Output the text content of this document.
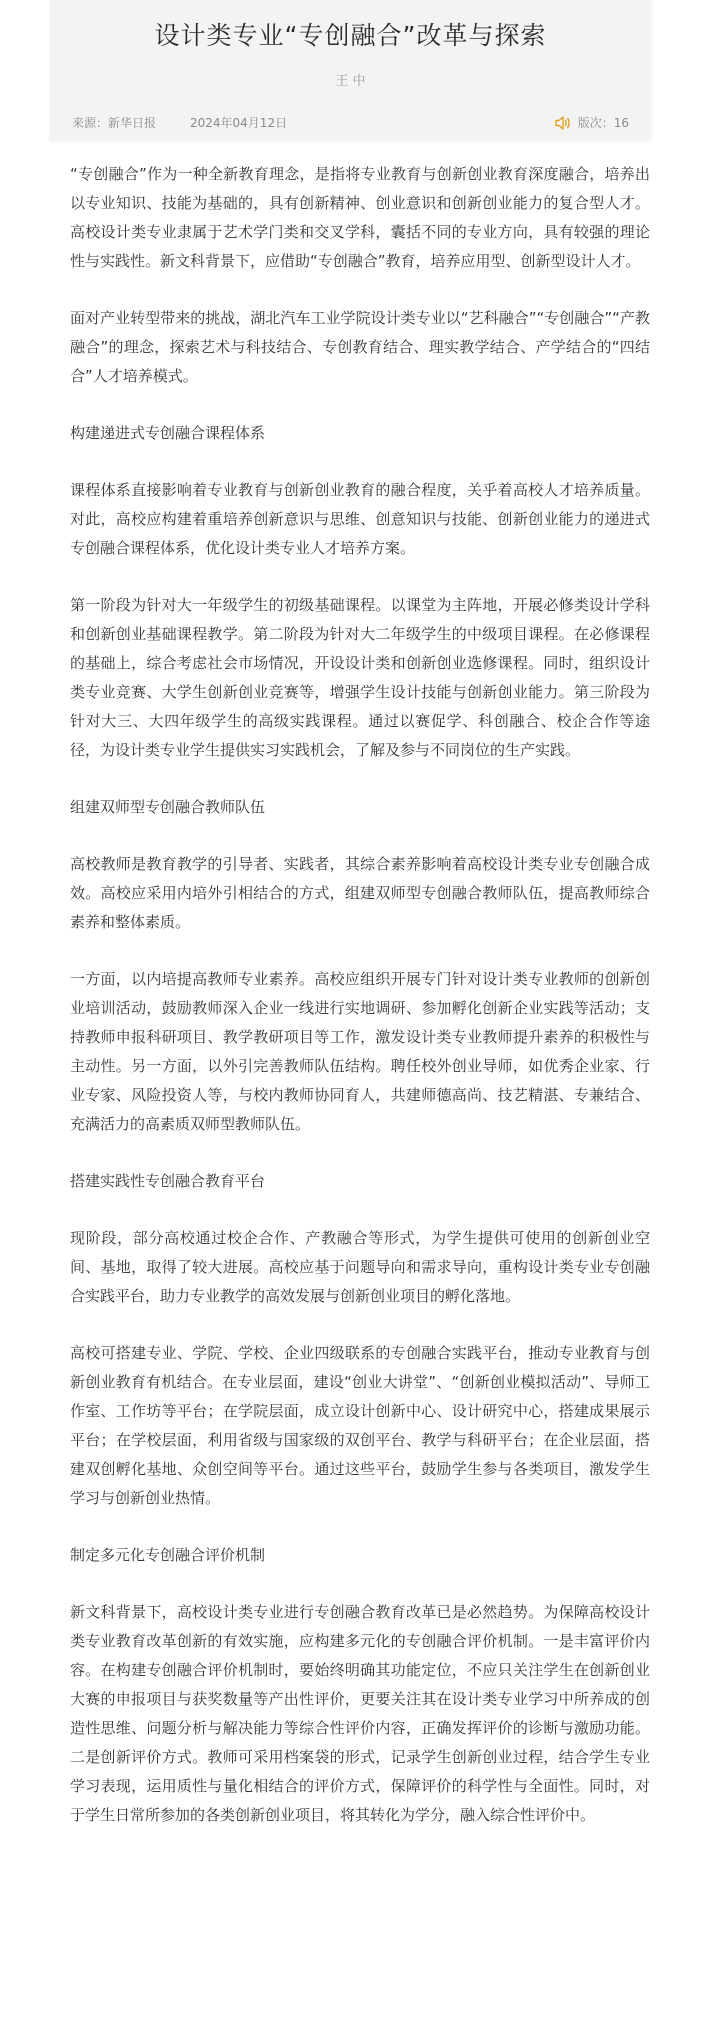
设计类专业“专创融合”改革与探索
王 中
来源：新华日报	2024年04月12日	版次：16

“专创融合”作为一种全新教育理念，是指将专业教育与创新创业教育深度融合，培养出以专业知识、技能为基础的，具有创新精神、创业意识和创新创业能力的复合型人才。高校设计类专业隶属于艺术学门类和交叉学科，囊括不同的专业方向，具有较强的理论性与实践性。新文科背景下，应借助“专创融合”教育，培养应用型、创新型设计人才。

面对产业转型带来的挑战，湖北汽车工业学院设计类专业以“艺科融合”“专创融合”“产教融合”的理念，探索艺术与科技结合、专创教育结合、理实教学结合、产学结合的“四结合”人才培养模式。

构建递进式专创融合课程体系

课程体系直接影响着专业教育与创新创业教育的融合程度，关乎着高校人才培养质量。对此，高校应构建着重培养创新意识与思维、创意知识与技能、创新创业能力的递进式专创融合课程体系，优化设计类专业人才培养方案。

第一阶段为针对大一年级学生的初级基础课程。以课堂为主阵地，开展必修类设计学科和创新创业基础课程教学。第二阶段为针对大二年级学生的中级项目课程。在必修课程的基础上，综合考虑社会市场情况，开设设计类和创新创业选修课程。同时，组织设计类专业竞赛、大学生创新创业竞赛等，增强学生设计技能与创新创业能力。第三阶段为针对大三、大四年级学生的高级实践课程。通过以赛促学、科创融合、校企合作等途径，为设计类专业学生提供实习实践机会，了解及参与不同岗位的生产实践。

组建双师型专创融合教师队伍

高校教师是教育教学的引导者、实践者，其综合素养影响着高校设计类专业专创融合成效。高校应采用内培外引相结合的方式，组建双师型专创融合教师队伍，提高教师综合素养和整体素质。

一方面，以内培提高教师专业素养。高校应组织开展专门针对设计类专业教师的创新创业培训活动，鼓励教师深入企业一线进行实地调研、参加孵化创新企业实践等活动；支持教师申报科研项目、教学教研项目等工作，激发设计类专业教师提升素养的积极性与主动性。另一方面，以外引完善教师队伍结构。聘任校外创业导师，如优秀企业家、行业专家、风险投资人等，与校内教师协同育人，共建师德高尚、技艺精湛、专兼结合、充满活力的高素质双师型教师队伍。

搭建实践性专创融合教育平台

现阶段，部分高校通过校企合作、产教融合等形式，为学生提供可使用的创新创业空间、基地，取得了较大进展。高校应基于问题导向和需求导向，重构设计类专业专创融合实践平台，助力专业教学的高效发展与创新创业项目的孵化落地。

高校可搭建专业、学院、学校、企业四级联系的专创融合实践平台，推动专业教育与创新创业教育有机结合。在专业层面，建设“创业大讲堂”、“创新创业模拟活动”、导师工作室、工作坊等平台；在学院层面，成立设计创新中心、设计研究中心，搭建成果展示平台；在学校层面，利用省级与国家级的双创平台、教学与科研平台；在企业层面，搭建双创孵化基地、众创空间等平台。通过这些平台，鼓励学生参与各类项目，激发学生学习与创新创业热情。

制定多元化专创融合评价机制

新文科背景下，高校设计类专业进行专创融合教育改革已是必然趋势。为保障高校设计类专业教育改革创新的有效实施，应构建多元化的专创融合评价机制。一是丰富评价内容。在构建专创融合评价机制时，要始终明确其功能定位，不应只关注学生在创新创业大赛的申报项目与获奖数量等产出性评价，更要关注其在设计类专业学习中所养成的创造性思维、问题分析与解决能力等综合性评价内容，正确发挥评价的诊断与激励功能。二是创新评价方式。教师可采用档案袋的形式，记录学生创新创业过程，结合学生专业学习表现，运用质性与量化相结合的评价方式，保障评价的科学性与全面性。同时，对于学生日常所参加的各类创新创业项目，将其转化为学分，融入综合性评价中。
